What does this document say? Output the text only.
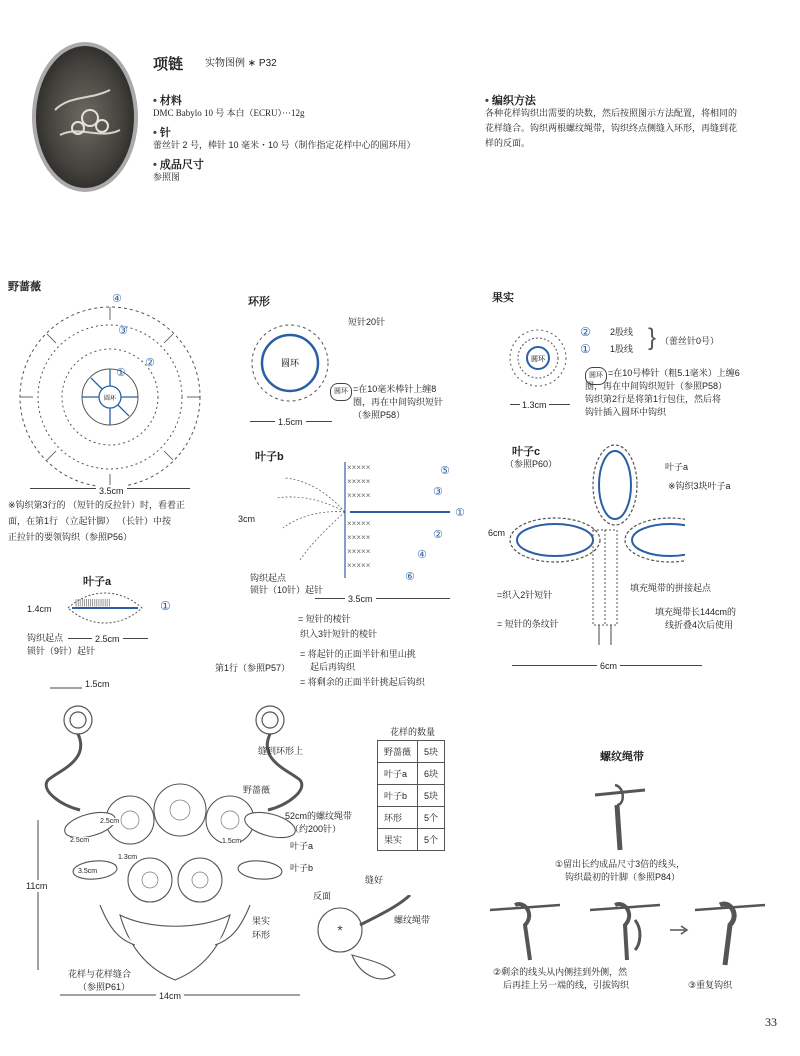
项链 实物图例 ∗ P32
• 材料
DMC Babylo 10 号 本白（ECRU）···12g
• 针
蕾丝针 2 号，棒针 10 毫米・10 号（制作指定花样中心的圆环用）
• 成品尺寸
参照图
• 编织方法
各种花样钩织出需要的块数，然后按照图示方法配置，将相同的
花样缝合。钩织两根螺纹绳带，钩织终点侧缝入环形，再缝到花
样的反面。
野蔷薇
圆环
④
③
②
①
3.5cm
※钩织第3行的 （短针的反拉针）时，看着正
面，在第1行 （立起针脚） （长针）中按
正拉针的要领钩织（参照P56）
环形
圆环
短针20针
1.5cm
圆环 =在10毫米棒针上缠8
圈，再在中间钩织短针
（参照P58）
果实
圆环
② 2股线
① 1股线 } （蕾丝针0号）
1.3cm
圆环 =在10号棒针（粗5.1毫米）上缠6
圈，再在中间钩织短针（参照P58）
钩织第2行是将第1行包住，然后将
钩针插入圆环中钩织
叶子b
×××××
×××××
×××××
×××××
×××××
×××××
×××××
⑤
③
①
②
④
⑥
3cm
钩织起点
锁针（10针）起针
3.5cm
= 短针的棱针
织入3针短针的棱针
第1行（参照P57）
= 将起针的正面半针和里山挑
起后再钩织
= 将剩余的正面半针挑起后钩织
叶子a
|||||||||||||||||	①
1.4cm
钩织起点
锁针（9针）起针
2.5cm
叶子c
（参照P60）	叶子a
※钩织3块叶子a
6cm
填充绳带的拼接起点
填充绳带长144cm的
线折叠4次后使用
=织入2针短针
= 短针的条纹针
6cm
1.5cm
缝到环形上
野蔷薇
52cm的螺纹绳带
（约200针）
叶子a
叶子b
果实
环形
11cm
花样与花样缝合
（参照P61）
14cm
2.5cm
2.5cm
1.3cm
3.5cm
1.5cm
花样的数量
野蔷薇	5块
叶子a	6块
叶子b	5块
环形	5个
果实	5个
反面
缝好
螺纹绳带
*
螺纹绳带
①留出长约成品尺寸3倍的线头，
钩织最初的针脚（参照P84）
②剩余的线头从内侧挂到外侧，然
后再挂上另一端的线，引拔钩织	③重复钩织
33
